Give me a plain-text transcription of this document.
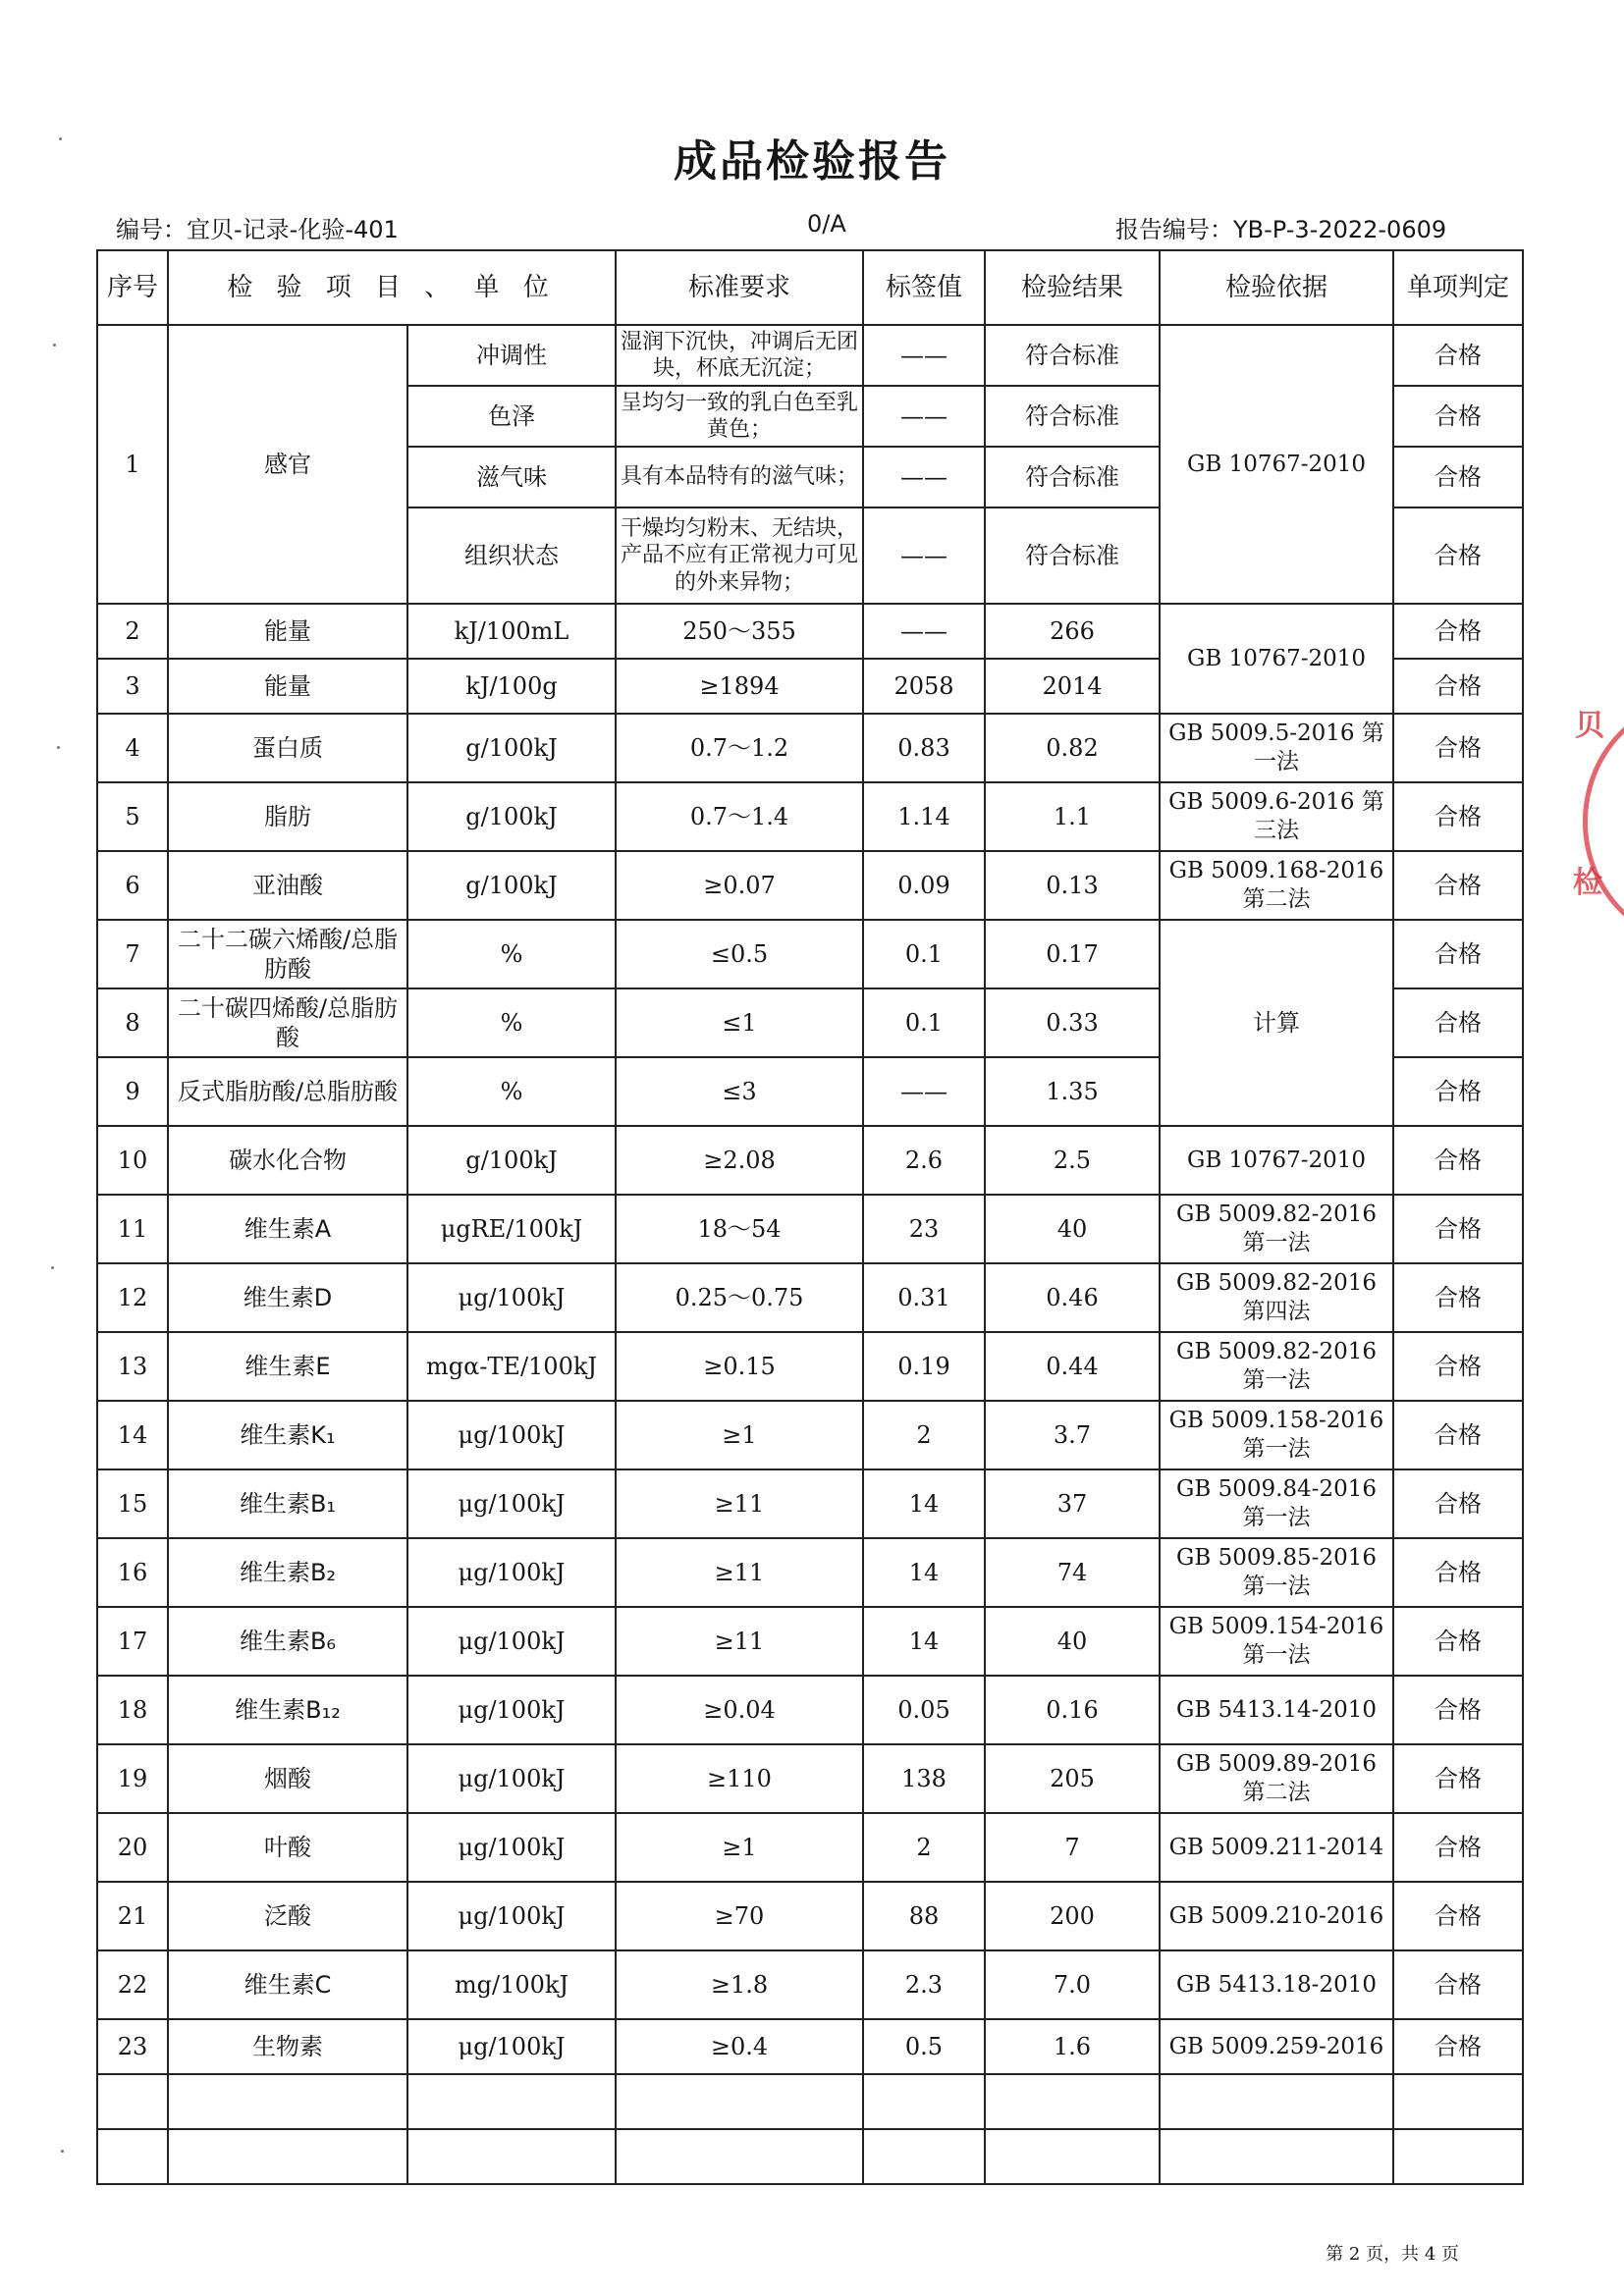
成品检验报告
编号：宜贝-记录-化验-401	0/A	报告编号：YB-P-3-2022-0609
序号	检 验 项 目 、 单 位		标准要求	标签值	检验结果	检验依据	单项判定
1	感官	冲调性	湿润下沉快，冲调后无团块，杯底无沉淀；	——	符合标准	GB 10767-2010	合格
		色泽	呈均匀一致的乳白色至乳黄色；	——	符合标准		合格
		滋气味	具有本品特有的滋气味；	——	符合标准		合格
		组织状态	干燥均匀粉末、无结块，产品不应有正常视力可见的外来异物；	——	符合标准		合格
2	能量	kJ/100mL	250～355	——	266	GB 10767-2010	合格
3	能量	kJ/100g	≥1894	2058	2014		合格
4	蛋白质	g/100kJ	0.7～1.2	0.83	0.82	GB 5009.5-2016 第一法	合格
5	脂肪	g/100kJ	0.7～1.4	1.14	1.1	GB 5009.6-2016 第三法	合格
6	亚油酸	g/100kJ	≥0.07	0.09	0.13	GB 5009.168-2016 第二法	合格
7	二十二碳六烯酸/总脂肪酸	%	≤0.5	0.1	0.17	计算	合格
8	二十碳四烯酸/总脂肪酸	%	≤1	0.1	0.33		合格
9	反式脂肪酸/总脂肪酸	%	≤3	——	1.35		合格
10	碳水化合物	g/100kJ	≥2.08	2.6	2.5	GB 10767-2010	合格
11	维生素A	μgRE/100kJ	18～54	23	40	GB 5009.82-2016 第一法	合格
12	维生素D	μg/100kJ	0.25～0.75	0.31	0.46	GB 5009.82-2016 第四法	合格
13	维生素E	mgα-TE/100kJ	≥0.15	0.19	0.44	GB 5009.82-2016 第一法	合格
14	维生素K₁	μg/100kJ	≥1	2	3.7	GB 5009.158-2016 第一法	合格
15	维生素B₁	μg/100kJ	≥11	14	37	GB 5009.84-2016 第一法	合格
16	维生素B₂	μg/100kJ	≥11	14	74	GB 5009.85-2016 第一法	合格
17	维生素B₆	μg/100kJ	≥11	14	40	GB 5009.154-2016 第一法	合格
18	维生素B₁₂	μg/100kJ	≥0.04	0.05	0.16	GB 5413.14-2010	合格
19	烟酸	μg/100kJ	≥110	138	205	GB 5009.89-2016 第二法	合格
20	叶酸	μg/100kJ	≥1	2	7	GB 5009.211-2014	合格
21	泛酸	μg/100kJ	≥70	88	200	GB 5009.210-2016	合格
22	维生素C	mg/100kJ	≥1.8	2.3	7.0	GB 5413.18-2010	合格
23	生物素	μg/100kJ	≥0.4	0.5	1.6	GB 5009.259-2016	合格

第 2 页，共 4 页
贝
检
